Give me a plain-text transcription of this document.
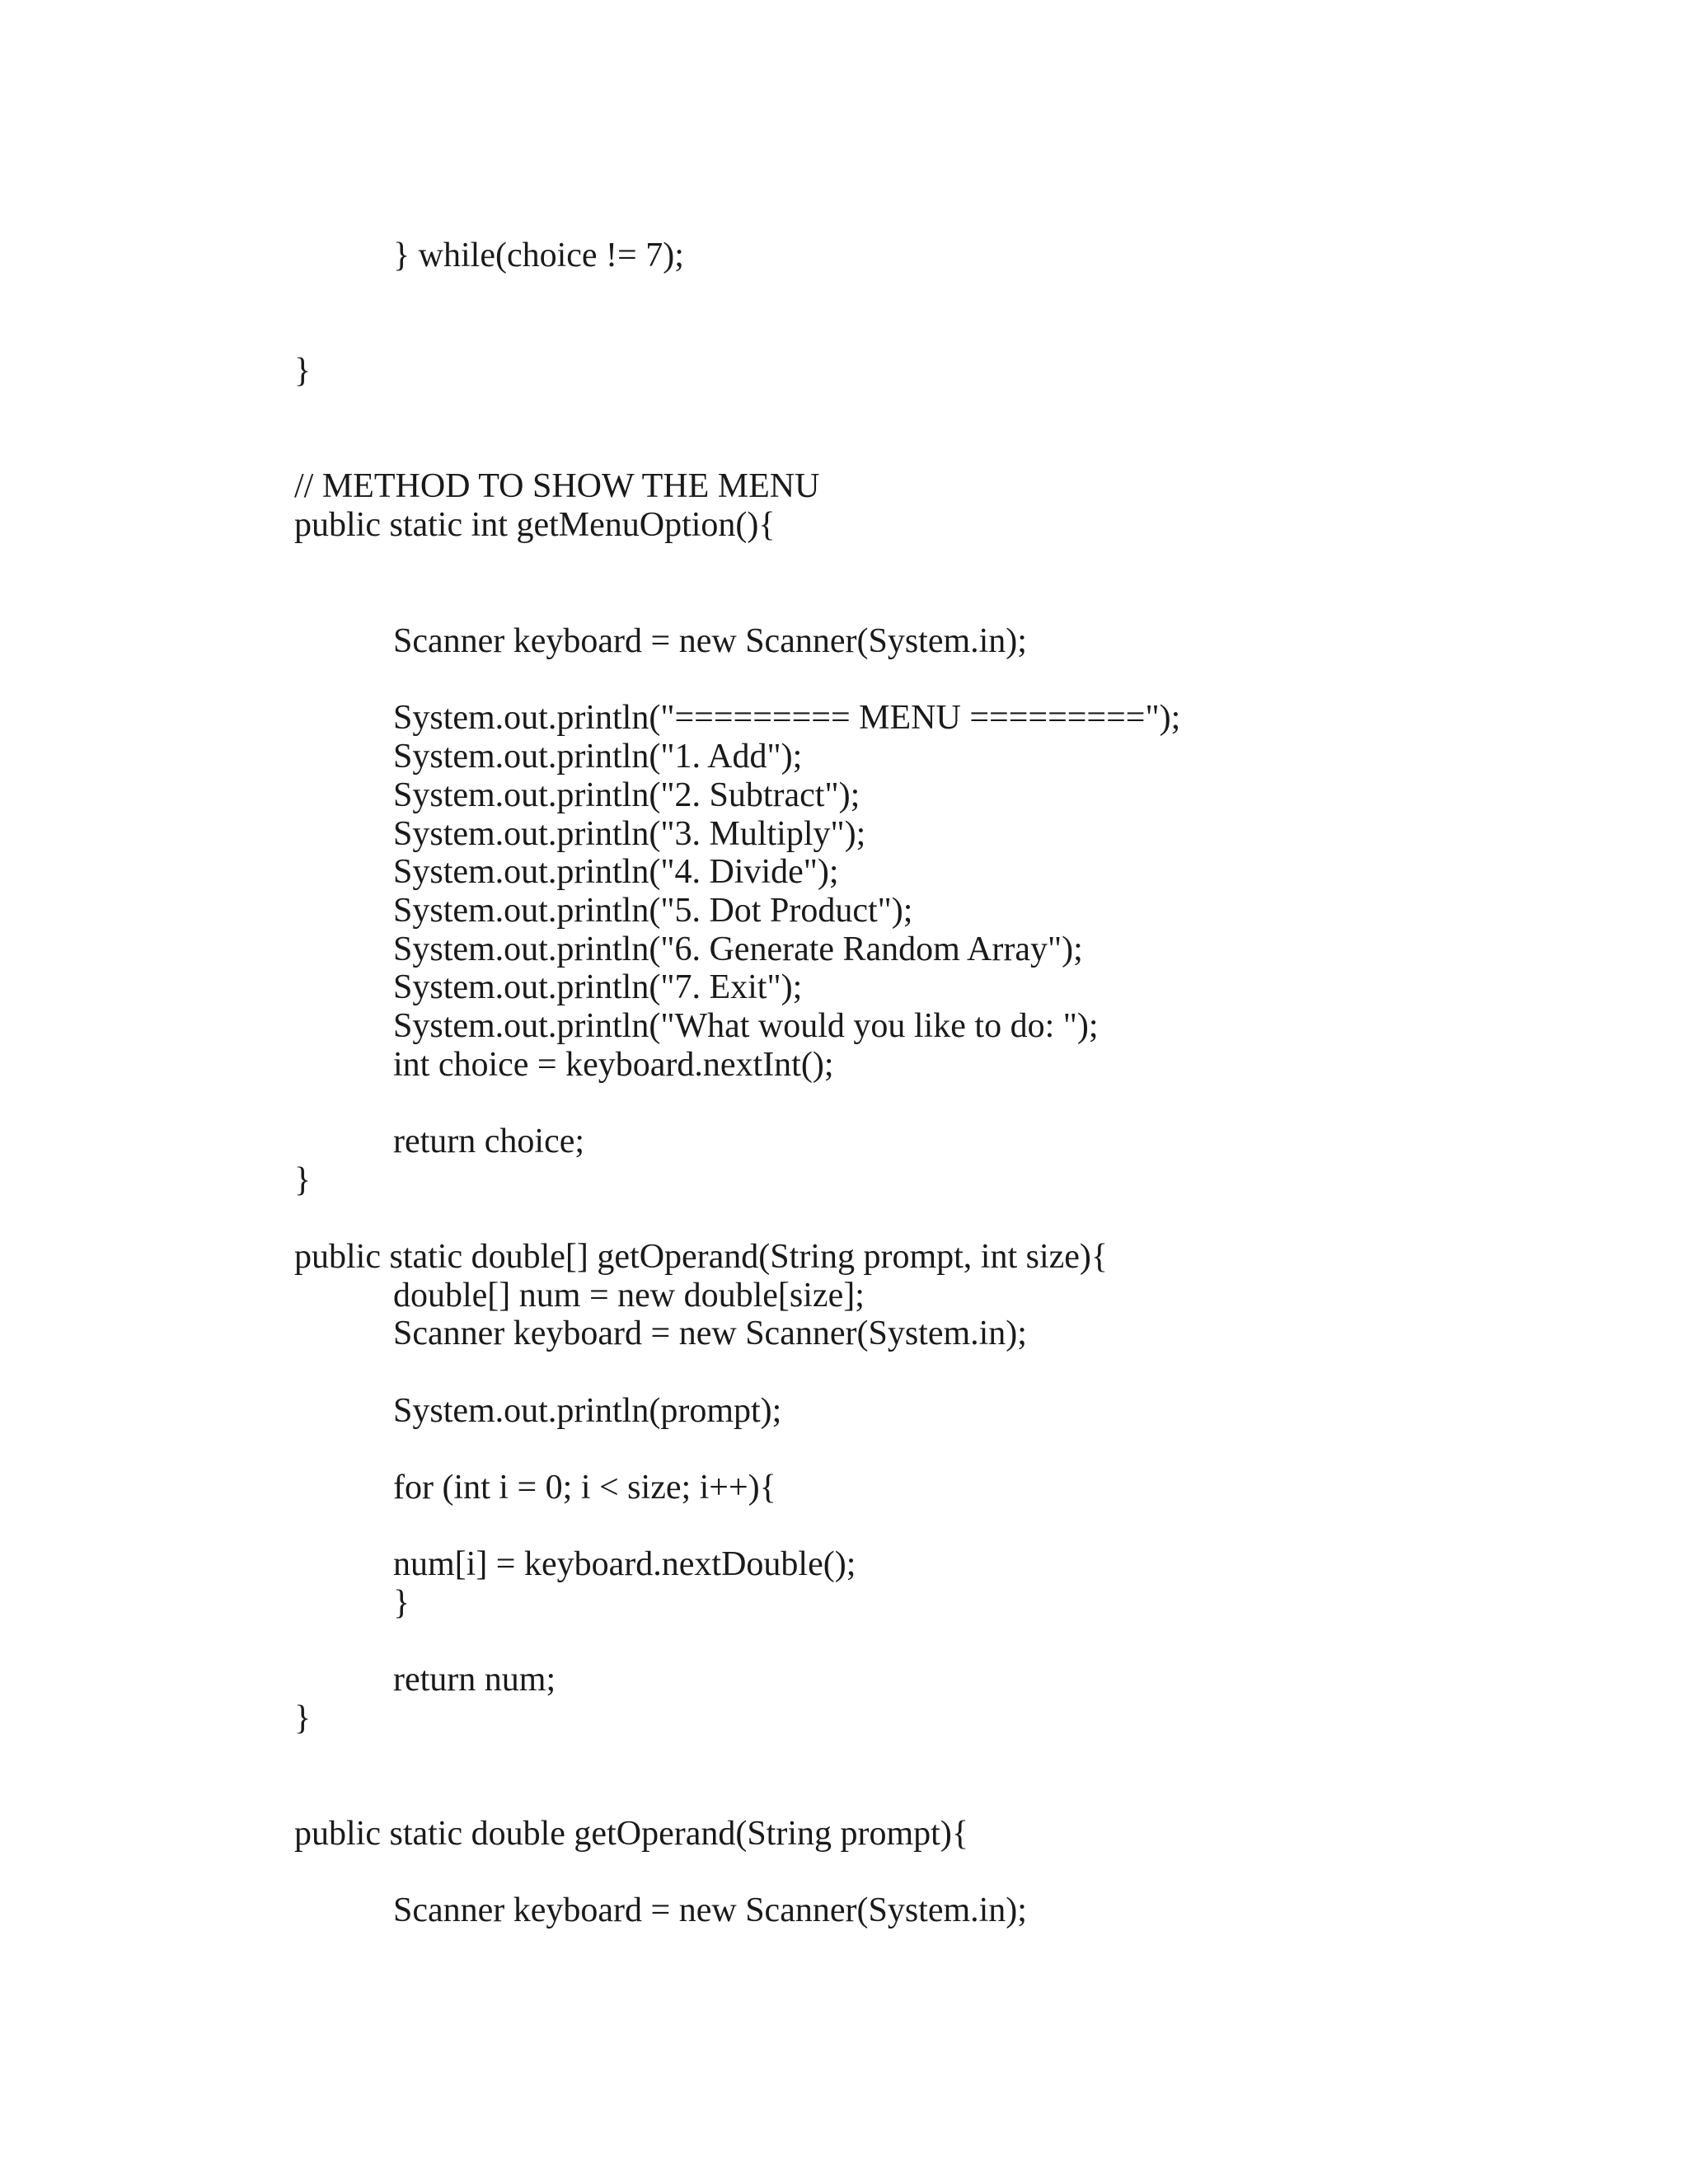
} while(choice != 7);

}

// METHOD TO SHOW THE MENU

public static int getMenuOption(){

Scanner keyboard = new Scanner(System.in);

System.out.println("========= MENU =========");

System.out.println("1. Add");

System.out.println("2. Subtract");

System.out.println("3. Multiply");

System.out.println("4. Divide");

System.out.println("5. Dot Product");

System.out.println("6. Generate Random Array");

System.out.println("7. Exit");

System.out.println("What would you like to do: ");

int choice = keyboard.nextInt();

return choice;

}

public static double[] getOperand(String prompt, int size){

double[] num = new double[size];

Scanner keyboard = new Scanner(System.in);

System.out.println(prompt);

for (int i = 0; i < size; i++){

num[i] = keyboard.nextDouble();

}

return num;

}

public static double getOperand(String prompt){

Scanner keyboard = new Scanner(System.in);
